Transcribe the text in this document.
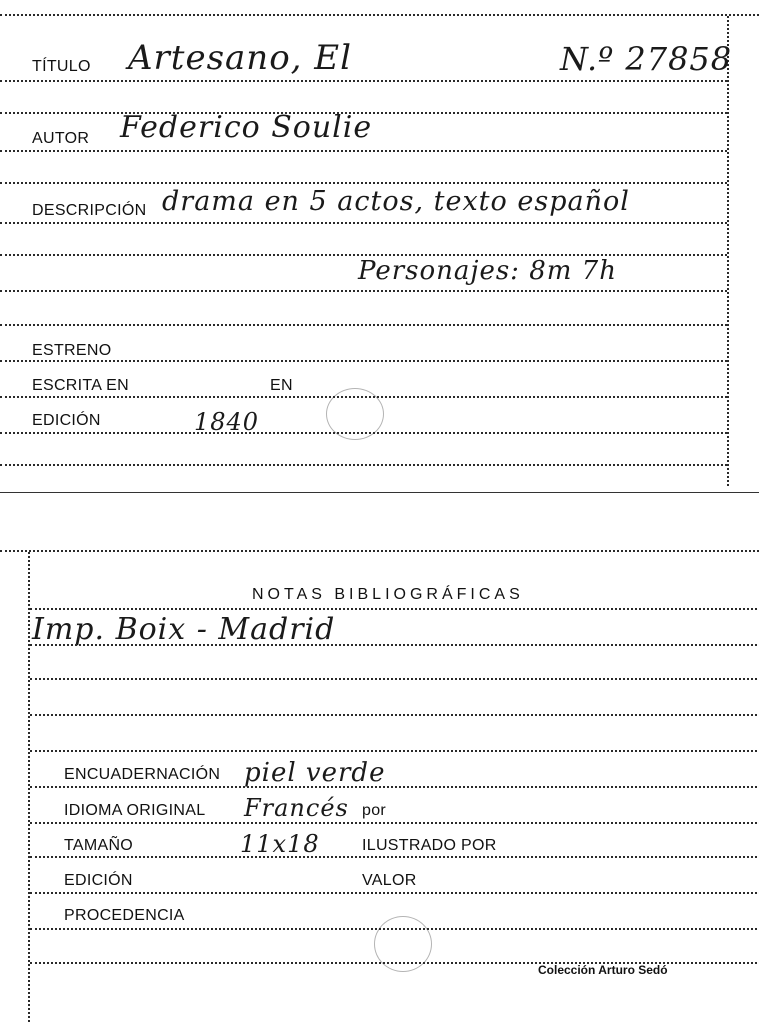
TÍTULO Artesano, El	N.º 27858
AUTOR Federico Soulie
DESCRIPCIÓN drama en 5 actos, texto español
Personajes: 8m 7h
ESTRENO
ESCRITA EN	EN
EDICIÓN	1840
NOTAS BIBLIOGRÁFICAS
Imp. Boix - Madrid
ENCUADERNACIÓN piel verde
IDIOMA ORIGINAL Francés por
TAMAÑO	11x18	ILUSTRADO POR
EDICIÓN	VALOR
PROCEDENCIA
Colección Arturo Sedó
